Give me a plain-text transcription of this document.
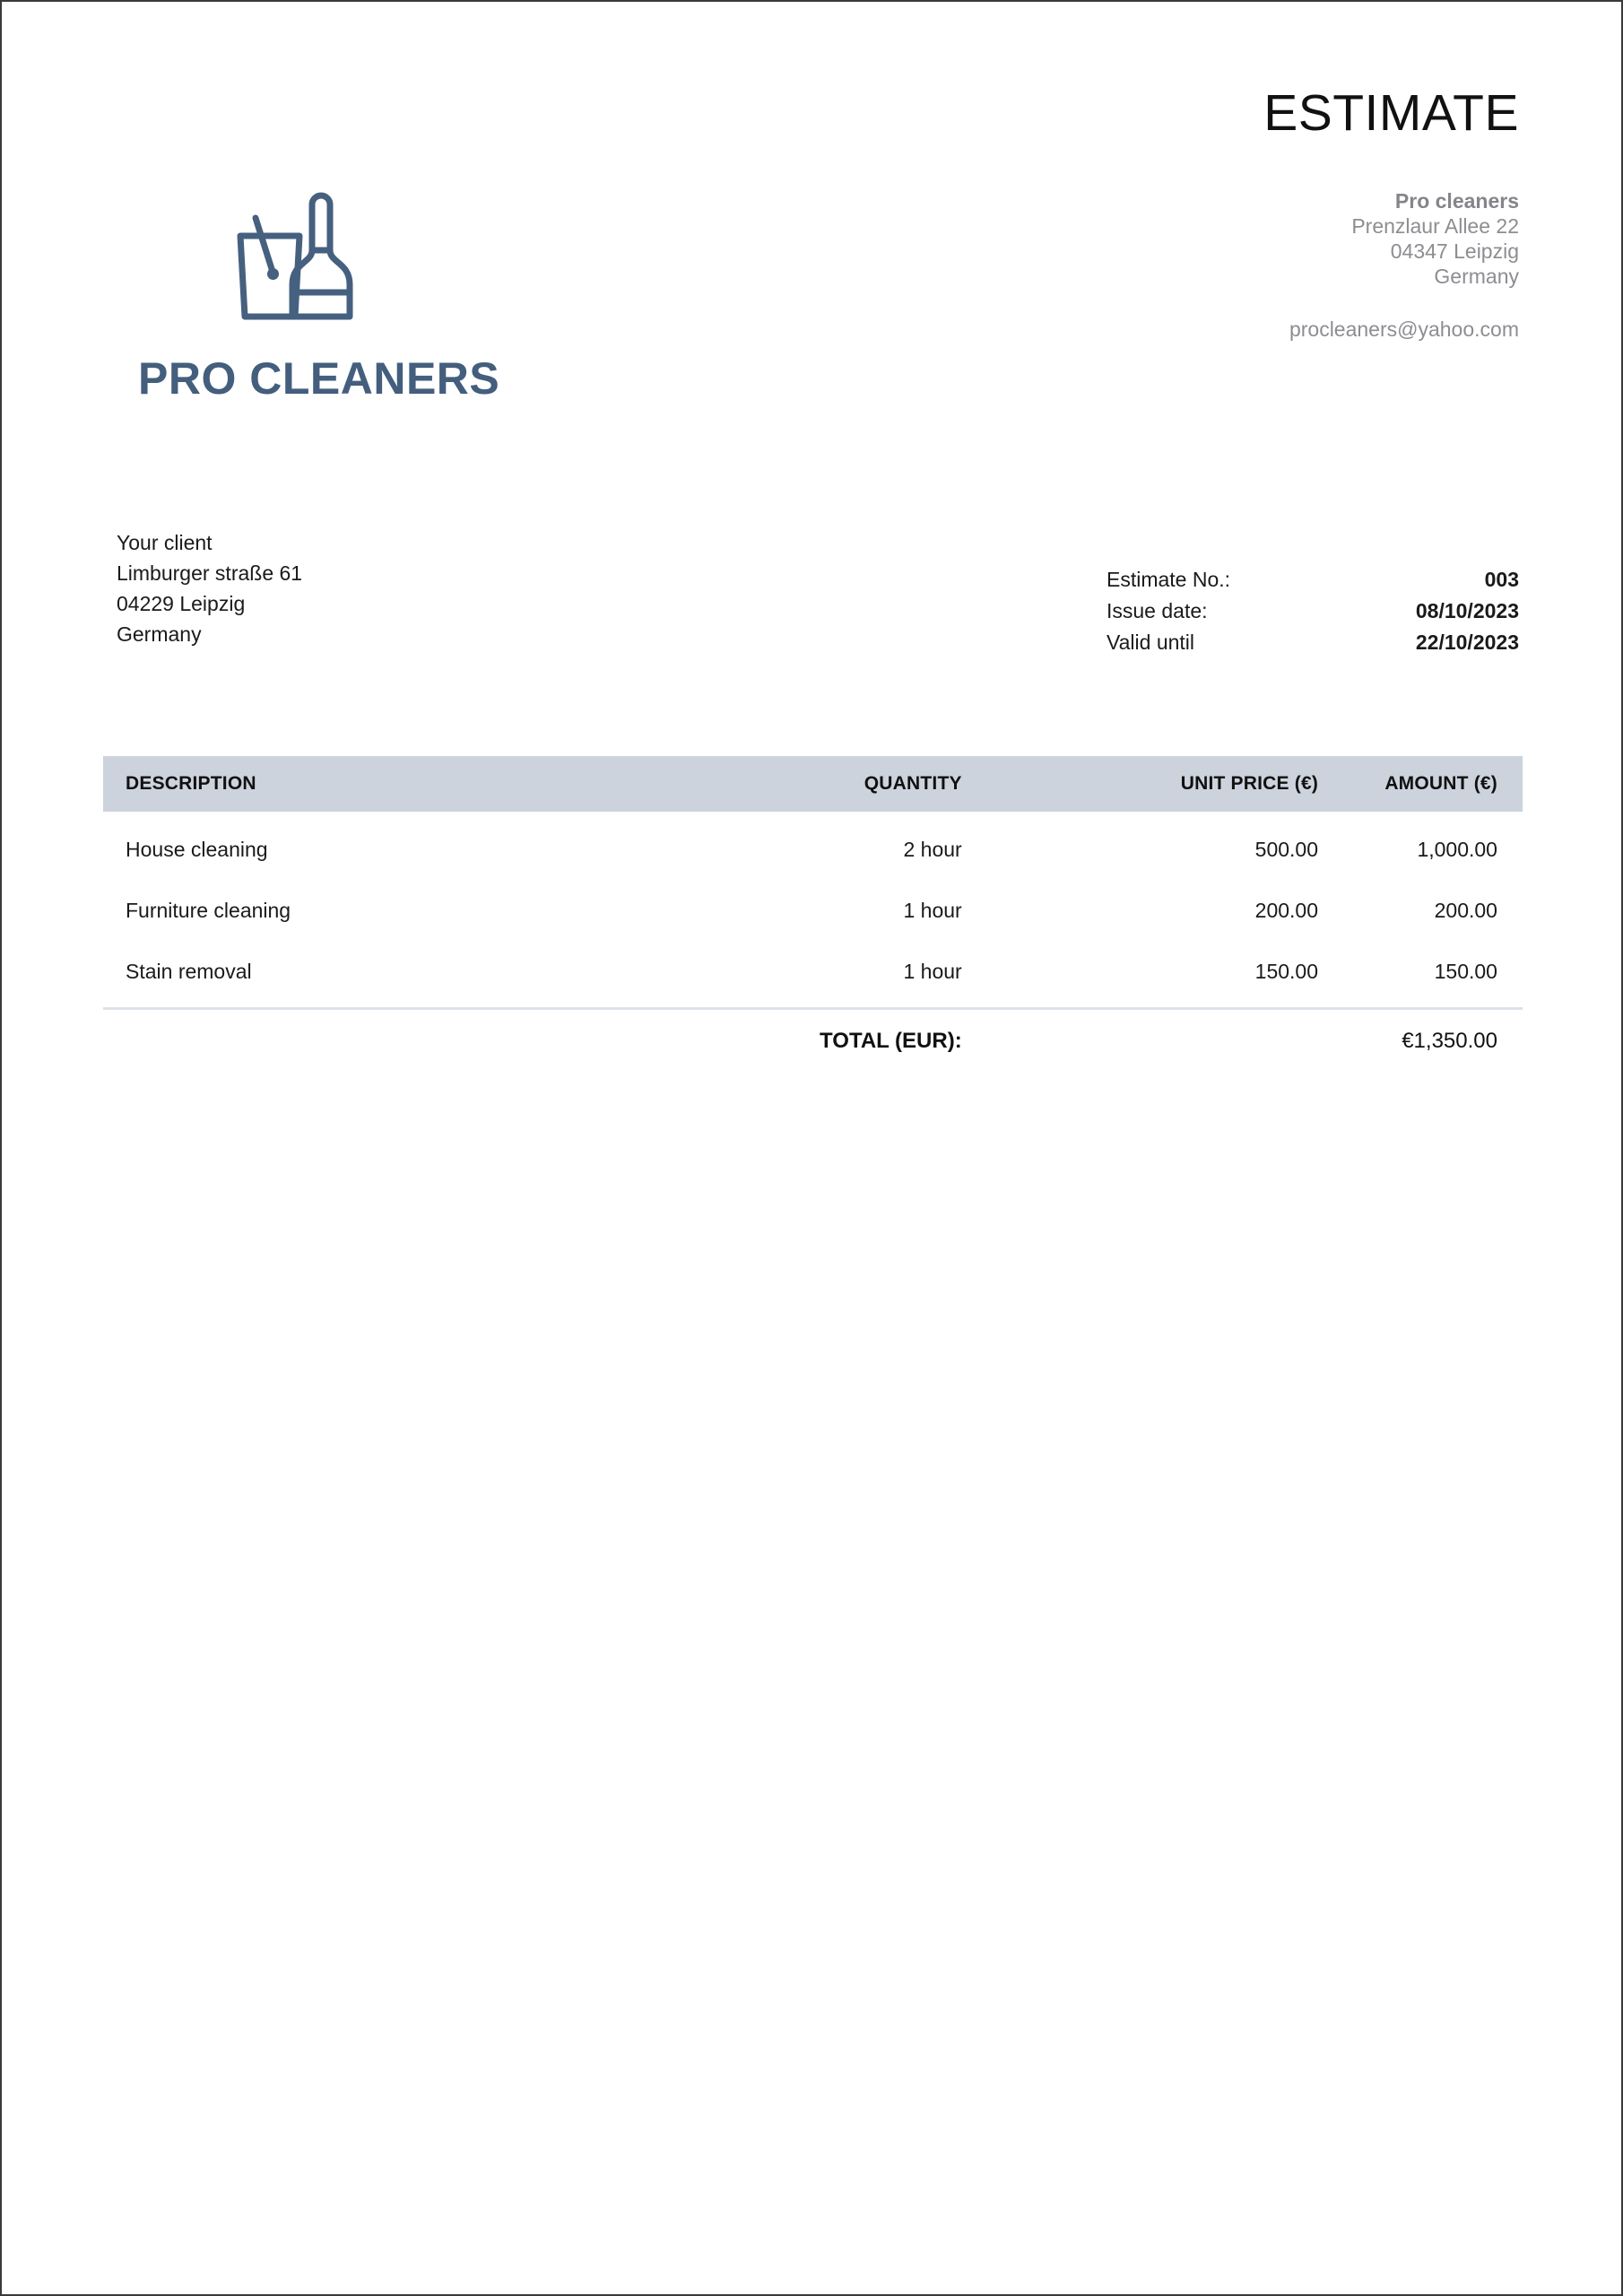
ESTIMATE
Pro cleaners
Prenzlaur Allee 22
04347 Leipzig
Germany
procleaners@yahoo.com
PRO CLEANERS
Your client
Limburger straße 61
04229 Leipzig
Germany
Estimate No.:	003
Issue date:	08/10/2023
Valid until	22/10/2023
DESCRIPTION	QUANTITY	UNIT PRICE (€)	AMOUNT (€)
House cleaning	2 hour	500.00	1,000.00
Furniture cleaning	1 hour	200.00	200.00
Stain removal	1 hour	150.00	150.00
TOTAL (EUR):	€1,350.00
